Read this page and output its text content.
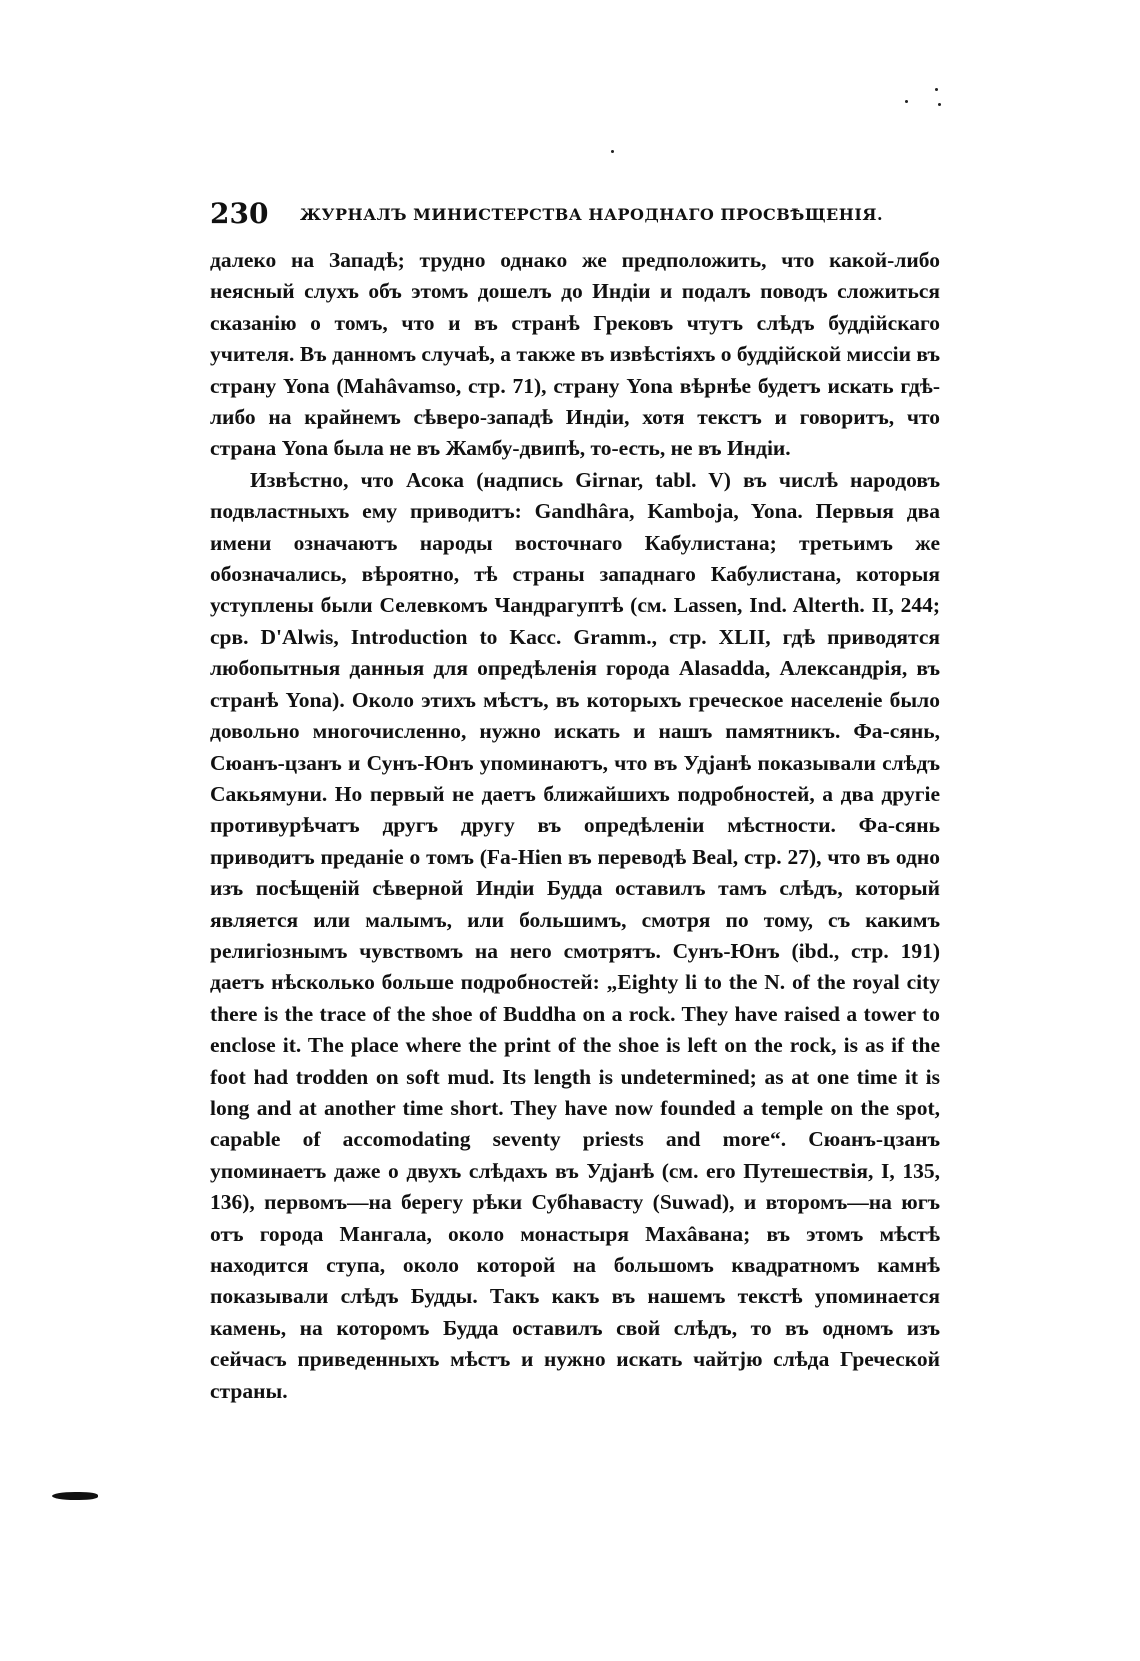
230 ЖУРНАЛЪ МИНИСТЕРСТВА НАРОДНАГО ПРОСВѢЩЕНІЯ.

далеко на Западѣ; трудно однако же предположить, что какой-либо неясный слухъ объ этомъ дошелъ до Индіи и подалъ поводъ сложиться сказанію о томъ, что и въ странѣ Грековъ чтутъ слѣдъ буддійскаго учителя. Въ данномъ случаѣ, а также въ извѣстіяхъ о буддійской миссіи въ страну Yona (Mahâvamso, стр. 71), страну Yona вѣрнѣе будетъ искать гдѣ-либо на крайнемъ сѣверо-западѣ Индіи, хотя текстъ и говоритъ, что страна Yona была не въ Жамбу-двипѣ, то-есть, не въ Индіи.

Извѣстно, что Асока (надпись Girnar, tabl. V) въ числѣ народовъ подвластныхъ ему приводитъ: Gandhâra, Kamboja, Yona. Первыя два имени означаютъ народы восточнаго Кабулистана; третьимъ же обозначались, вѣроятно, тѣ страны западнаго Кабулистана, которыя уступлены были Селевкомъ Чандрагуптѣ (см. Lassen, Ind. Alterth. II, 244; срв. D'Alwis, Introduction to Kacc. Gramm., стр. XLII, гдѣ приводятся любопытныя данныя для опредѣленія города Alasadda, Александрія, въ странѣ Yona). Около этихъ мѣстъ, въ которыхъ греческое населеніе было довольно многочисленно, нужно искать и нашъ памятникъ. Фа-сянь, Сюанъ-цзанъ и Сунъ-Юнъ упоминаютъ, что въ Удјанѣ показывали слѣдъ Сакьямуни. Но первый не даетъ ближайшихъ подробностей, а два другіе противурѣчатъ другъ другу въ опредѣленіи мѣстности. Фа-сянь приводитъ преданіе о томъ (Fa-Hien въ переводѣ Beal, стр. 27), что въ одно изъ посѣщеній сѣверной Индіи Будда оставилъ тамъ слѣдъ, который является или малымъ, или большимъ, смотря по тому, съ какимъ религіознымъ чувствомъ на него смотрятъ. Сунъ-Юнъ (ibd., стр. 191) даетъ нѣсколько больше подробностей: „Eighty li to the N. of the royal city there is the trace of the shoe of Buddha on a rock. They have raised a tower to enclose it. The place where the print of the shoe is left on the rock, is as if the foot had trodden on soft mud. Its length is undetermined; as at one time it is long and at another time short. They have now founded a temple on the spot, capable of accomodating seventy priests and more“. Сюанъ-цзанъ упоминаетъ даже о двухъ слѣдахъ въ Удјанѣ (см. его Путешествія, I, 135, 136), первомъ—на берегу рѣки Субhавасту (Suwad), и второмъ—на югъ отъ города Мангала, около монастыря Махâвана; въ этомъ мѣстѣ находится ступа, около которой на большомъ квадратномъ камнѣ показывали слѣдъ Будды. Такъ какъ въ нашемъ текстѣ упоминается камень, на которомъ Будда оставилъ свой слѣдъ, то въ одномъ изъ сейчасъ приведенныхъ мѣстъ и нужно искать чайтjю слѣда Греческой страны.
